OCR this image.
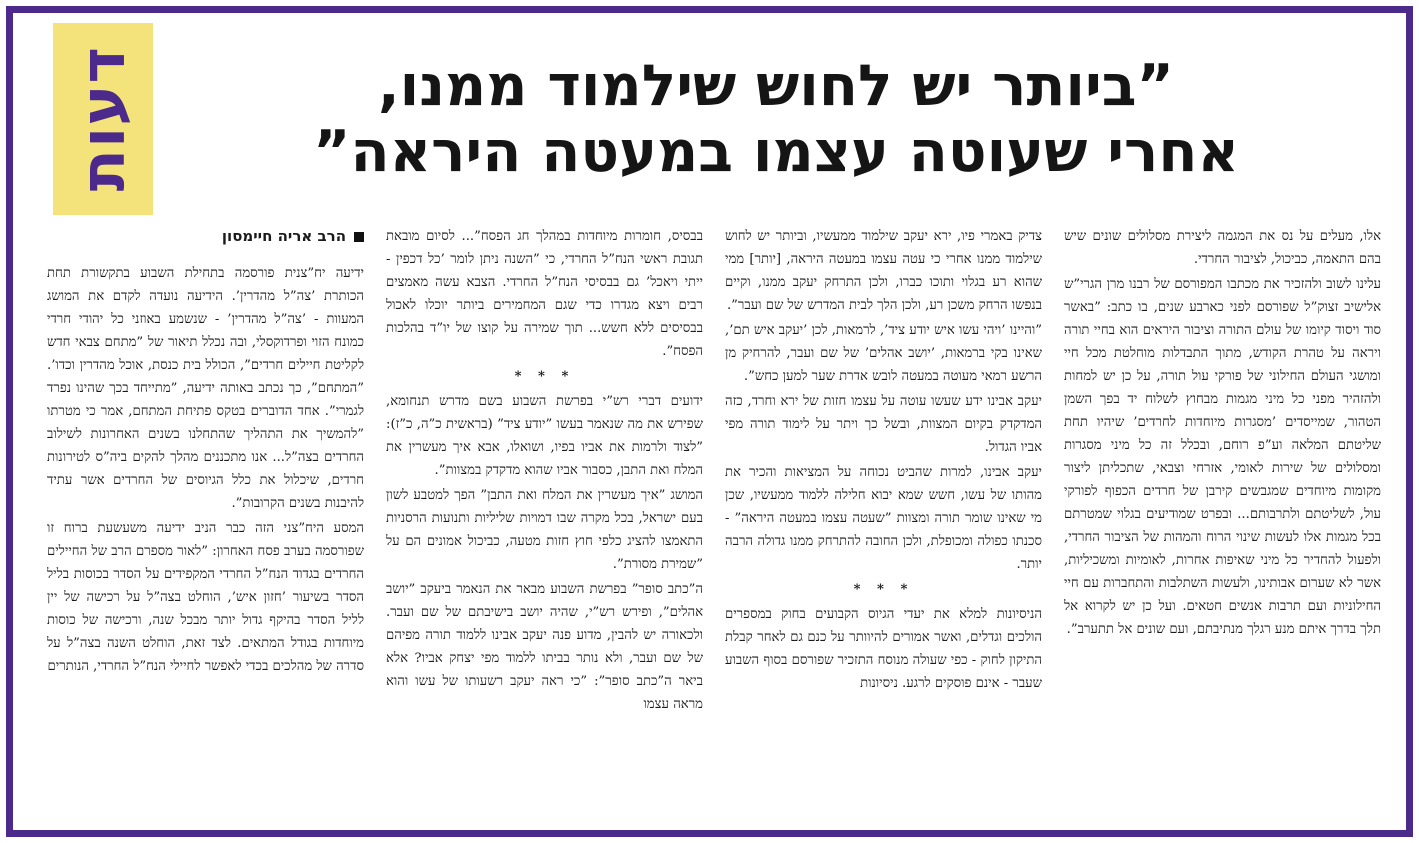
דעות	”ביותר יש לחוש שילמוד ממנו,
אחרי שעוטה עצמו במעטה היראה”
הרב אריה חיימסון

ידיעה יח”צנית פורסמה בתחילת השבוע בתקשורת תחת הכותרת ’צה”ל מהדרין’. הידיעה נועדה לקדם את המושג המעוות - ’צה”ל מהדרין’ - שנשמע באוזני כל יהודי חרדי כמונח הזוי ופרדוקסלי, ובה נכלל תיאור של ”מתחם צבאי חדש לקליטת חיילים חרדים”, הכולל בית כנסת, אוכל מהדרין וכדו’. ”המתחם”, כך נכתב באותה ידיעה, ”מתייחד בכך שהינו נפרד לגמרי”. אחד הדוברים בטקס פתיחת המתחם, אמר כי מטרתו ”להמשיך את התהליך שהתחלנו בשנים האחרונות לשילוב החרדים בצה”ל... אנו מתכננים מהלך להקים ביה”ס לטירונות חרדים, שיכלול את כלל הגיוסים של החרדים אשר עתיד להיבנות בשנים הקרובות”.

המסע היח”צני הזה כבר הניב ידיעה משעשעת ברוח זו שפורסמה בערב פסח האחרון: ”לאור מספרם הרב של החיילים החרדים בגדוד הנח”ל החרדי המקפידים על הסדר בכוסות בליל הסדר בשיעור ’חזון איש’, הוחלט בצה”ל על רכישה של יין לליל הסדר בהיקף גדול יותר מבכל שנה, ורכישה של כוסות מיוחדות בגודל המתאים. לצד זאת, הוחלט השנה בצה”ל על סדרה של מהלכים בכדי לאפשר לחיילי הנח”ל החרדי, הנותרים

בבסיס, חומרות מיוחדות במהלך חג הפסח”... לסיום מובאת תגובת ראשי הנח”ל החרדי, כי ”השנה ניתן לומר ’כל דכפין - ייתי ויאכל’ גם בבסיסי הנח”ל החרדי. הצבא עשה מאמצים רבים ויצא מגדרו כדי שגם המחמירים ביותר יוכלו לאכול בבסיסים ללא חשש... תוך שמירה על קוצו של יו”ד בהלכות הפסח”.

* * *

ידועים דברי רש”י בפרשת השבוע בשם מדרש תנחומא, שפירש את מה שנאמר בעשו ”יודע ציד” (בראשית כ”ה, כ”ז): ”לצוד ולרמות את אביו בפיו, ושואלו, אבא איך מעשרין את המלח ואת התבן, כסבור אביו שהוא מדקדק במצוות”.

המושג ”איך מעשרין את המלח ואת התבן” הפך למטבע לשון בעם ישראל, בכל מקרה שבו דמויות שליליות ותנועות הרסניות התאמצו להציג כלפי חוץ חזות מטעה, כביכול אמונים הם על ”שמירת מסורת”.

ה”כתב סופר” בפרשת השבוע מבאר את הנאמר ביעקב ”יושב אהלים”, ופירש רש”י, שהיה יושב בישיבתם של שם ועבר. ולכאורה יש להבין, מדוע פנה יעקב אבינו ללמוד תורה מפיהם של שם ועבר, ולא נותר בביתו ללמוד מפי יצחק אביו? אלא ביאר ה”כתב סופר”: ”כי ראה יעקב רשעותו של עשו והוא מראה עצמו

צדיק באמרי פיו, ירא יעקב שילמוד ממעשיו, וביותר יש לחוש שילמוד ממנו אחרי כי עטה עצמו במעטה היראה, [יותר] ממי שהוא רע בגלוי ותוכו כברו, ולכן התרחק יעקב ממנו, וקיים בנפשו הרחק משכן רע, ולכן הלך לבית המדרש של שם ועבר”.

”והיינו ’ויהי עשו איש יודע ציד’, לרמאות, לכן ’יעקב איש תם’, שאינו בקי ברמאות, ’יושב אהלים’ של שם ועבר, להרחיק מן הרשע רמאי מעוטה במעטה לובש אדרת שער למען כחש”.

יעקב אבינו ידע שעשו עוטה על עצמו חזות של ירא וחרד, כזה המדקדק בקיום המצוות, ובשל כך ויתר על לימוד תורה מפי אביו הגדול.

יעקב אבינו, למרות שהביט נכוחה על המציאות והכיר את מהותו של עשו, חשש שמא יבוא חלילה ללמוד ממעשיו, שכן מי שאינו שומר תורה ומצוות ”שעטה עצמו במעטה היראה” - סכנתו כפולה ומכופלת, ולכן החובה להתרחק ממנו גדולה הרבה יותר.

* * *

הניסיונות למלא את יעדי הגיוס הקבועים בחוק במספרים הולכים וגדלים, ואשר אמורים להיוותר על כנם גם לאחר קבלת התיקון לחוק - כפי שעולה מנוסח התזכיר שפורסם בסוף השבוע שעבר - אינם פוסקים לרגע. ניסיונות

אלו, מעלים על נס את המגמה ליצירת מסלולים שונים שיש בהם התאמה, כביכול, לציבור החרדי.

עלינו לשוב ולהזכיר את מכתבו המפורסם של רבנו מרן הגרי”ש אלישיב זצוק”ל שפורסם לפני כארבע שנים, בו כתב: ”באשר סוד ויסוד קיומו של עולם התורה וציבור היראים הוא בחיי תורה ויראה על טהרת הקודש, מתוך התבדלות מוחלטת מכל חיי ומושגי העולם החילוני של פורקי עול תורה, על כן יש למחות ולהזהיר מפני כל מיני מגמות מבחוץ לשלוח יד בפך השמן הטהור, שמייסדים ’מסגרות מיוחדות לחרדים’ שיהיו תחת שליטתם המלאה וע”פ רוחם, ובכלל זה כל מיני מסגרות ומסלולים של שירות לאומי, אזרחי וצבאי, שתכליתן ליצור מקומות מיוחדים שמגבשים קירבן של חרדים הכפוף לפורקי עול, לשליטתם ולתרבותם... ובפרט שמודיעים בגלוי שמטרתם בכל מגמות אלו לעשות שינוי הרוח והמהות של הציבור החרדי, ולפעול להחדיר כל מיני שאיפות אחרות, לאומיות ומשכיליות, אשר לא שערום אבותינו, ולעשות השתלבות והתחברות עם חיי החילוניות ועם תרבות אנשים חטאים. ועל כן יש לקרוא אל תלך בדרך איתם מנע רגלך מנתיבתם, ועם שונים אל תתערב”.
